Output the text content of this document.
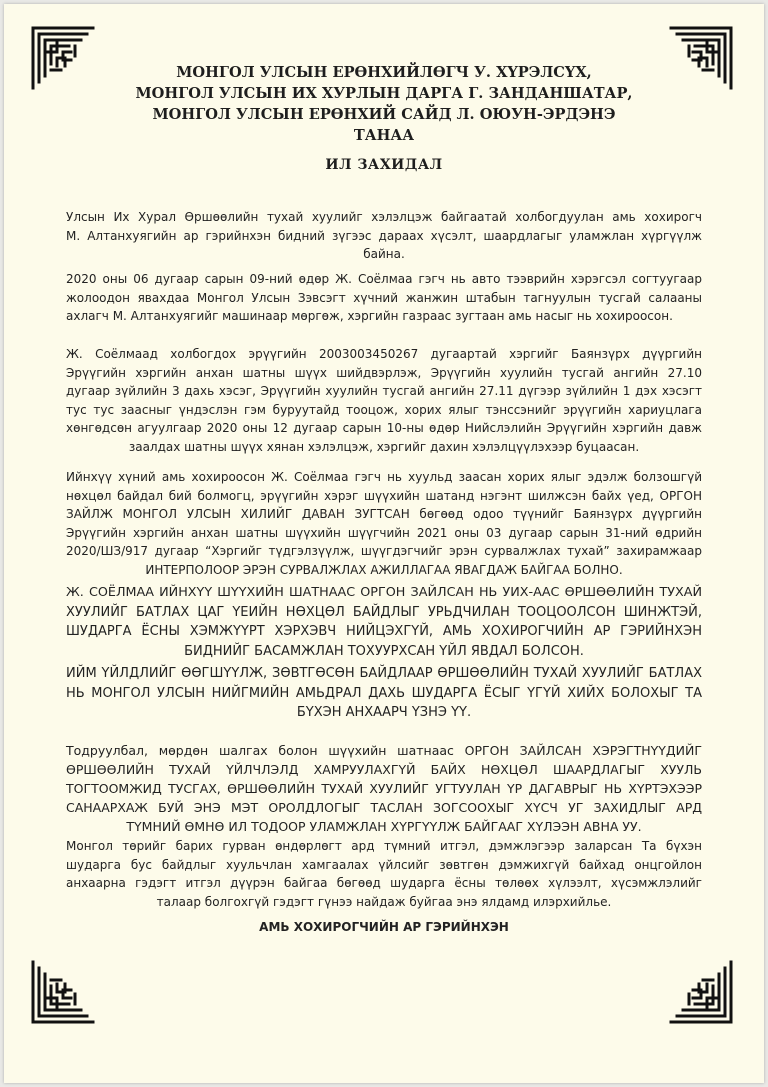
МОНГОЛ УЛСЫН ЕРӨНХИЙЛӨГЧ У. ХҮРЭЛСҮХ,
МОНГОЛ УЛСЫН ИХ ХУРЛЫН ДАРГА Г. ЗАНДАНШАТАР,
МОНГОЛ УЛСЫН ЕРӨНХИЙ САЙД Л. ОЮУН-ЭРДЭНЭ
ТАНАА
ИЛ ЗАХИДАЛ
Улсын Их Хурал Өршөөлийн тухай хуулийг хэлэлцэж байгаатай холбогдуулан амь хохирогч
М. Алтанхуягийн ар гэрийнхэн бидний зүгээс дараах хүсэлт, шаардлагыг уламжлан хүргүүлж
байна.
2020 оны 06 дугаар сарын 09-ний өдөр Ж. Соёлмаа гэгч нь авто тээврийн хэрэгсэл согтуугаар
жолоодон явахдаа Монгол Улсын Зэвсэгт хүчний жанжин штабын тагнуулын тусгай салааны
ахлагч М. Алтанхуягийг машинаар мөргөж, хэргийн газраас зугтаан амь насыг нь хохироосон.
Ж. Соёлмаад холбогдох эрүүгийн 2003003450267 дугаартай хэргийг Баянзүрх дүүргийн
Эрүүгийн хэргийн анхан шатны шүүх шийдвэрлэж, Эрүүгийн хуулийн тусгай ангийн 27.10
дугаар зүйлийн 3 дахь хэсэг, Эрүүгийн хуулийн тусгай ангийн 27.11 дүгээр зүйлийн 1 дэх хэсэгт
тус тус заасныг үндэслэн гэм буруутайд тооцож, хорих ялыг тэнссэнийг эрүүгийн хариуцлага
хөнгөдсөн агуулгаар 2020 оны 12 дугаар сарын 10-ны өдөр Нийслэлийн Эрүүгийн хэргийн давж
заалдах шатны шүүх хянан хэлэлцэж, хэргийг дахин хэлэлцүүлэхээр буцаасан.
Ийнхүү хүний амь хохироосон Ж. Соёлмаа гэгч нь хуульд заасан хорих ялыг эдэлж болзошгүй
нөхцөл байдал бий болмогц, эрүүгийн хэрэг шүүхийн шатанд нэгэнт шилжсэн байх үед, ОРГОН
ЗАЙЛЖ МОНГОЛ УЛСЫН ХИЛИЙГ ДАВАН ЗУГТСАН бөгөөд одоо түүнийг Баянзүрх дүүргийн
Эрүүгийн хэргийн анхан шатны шүүхийн шүүгчийн 2021 оны 03 дугаар сарын 31-ний өдрийн
2020/ШЗ/917 дугаар “Хэргийг түдгэлзүүлж, шүүгдэгчийг эрэн сурвалжлах тухай” захирамжаар
ИНТЕРПОЛООР ЭРЭН СУРВАЛЖЛАХ АЖИЛЛАГАА ЯВАГДАЖ БАЙГАА БОЛНО.
Ж. СОЁЛМАА ИЙНХҮҮ ШҮҮХИЙН ШАТНААС ОРГОН ЗАЙЛСАН НЬ УИХ-ААС ӨРШӨӨЛИЙН ТУХАЙ
ХУУЛИЙГ БАТЛАХ ЦАГ ҮЕИЙН НӨХЦӨЛ БАЙДЛЫГ УРЬДЧИЛАН ТООЦООЛСОН ШИНЖТЭЙ,
ШУДАРГА ЁСНЫ ХЭМЖҮҮРТ ХЭРХЭВЧ НИЙЦЭХГҮЙ, АМЬ ХОХИРОГЧИЙН АР ГЭРИЙНХЭН
БИДНИЙГ БАСАМЖЛАН ТОХУУРХСАН ҮЙЛ ЯВДАЛ БОЛСОН.
ИЙМ ҮЙЛДЛИЙГ ӨӨГШҮҮЛЖ, ЗӨВТГӨСӨН БАЙДЛААР ӨРШӨӨЛИЙН ТУХАЙ ХУУЛИЙГ БАТЛАХ
НЬ МОНГОЛ УЛСЫН НИЙГМИЙН АМЬДРАЛ ДАХЬ ШУДАРГА ЁСЫГ ҮГҮЙ ХИЙХ БОЛОХЫГ ТА
БҮХЭН АНХААРЧ ҮЗНЭ ҮҮ.
Тодруулбал, мөрдөн шалгах болон шүүхийн шатнаас ОРГОН ЗАЙЛСАН ХЭРЭГТНҮҮДИЙГ
ӨРШӨӨЛИЙН ТУХАЙ ҮЙЛЧЛЭЛД ХАМРУУЛАХГҮЙ БАЙХ НӨХЦӨЛ ШААРДЛАГЫГ ХУУЛЬ
ТОГТООМЖИД ТУСГАХ, ӨРШӨӨЛИЙН ТУХАЙ ХУУЛИЙГ УГТУУЛАН ҮР ДАГАВРЫГ НЬ ХҮРТЭХЭЭР
САНААРХАЖ БУЙ ЭНЭ МЭТ ОРОЛДЛОГЫГ ТАСЛАН ЗОГСООХЫГ ХҮСЧ УГ ЗАХИДЛЫГ АРД
ТҮМНИЙ ӨМНӨ ИЛ ТОДООР УЛАМЖЛАН ХҮРГҮҮЛЖ БАЙГААГ ХҮЛЭЭН АВНА УУ.
Монгол төрийг барих гурван өндөрлөгт ард түмний итгэл, дэмжлэгээр заларсан Та бүхэн
шударга бус байдлыг хуульчлан хамгаалах үйлсийг зөвтгөн дэмжихгүй байхад онцгойлон
анхаарна гэдэгт итгэл дүүрэн байгаа бөгөөд шударга ёсны төлөөх хүлээлт, хүсэмжлэлийг
талаар болгохгүй гэдэгт гүнээ найдаж буйгаа энэ ялдамд илэрхийлье.
АМЬ ХОХИРОГЧИЙН АР ГЭРИЙНХЭН
